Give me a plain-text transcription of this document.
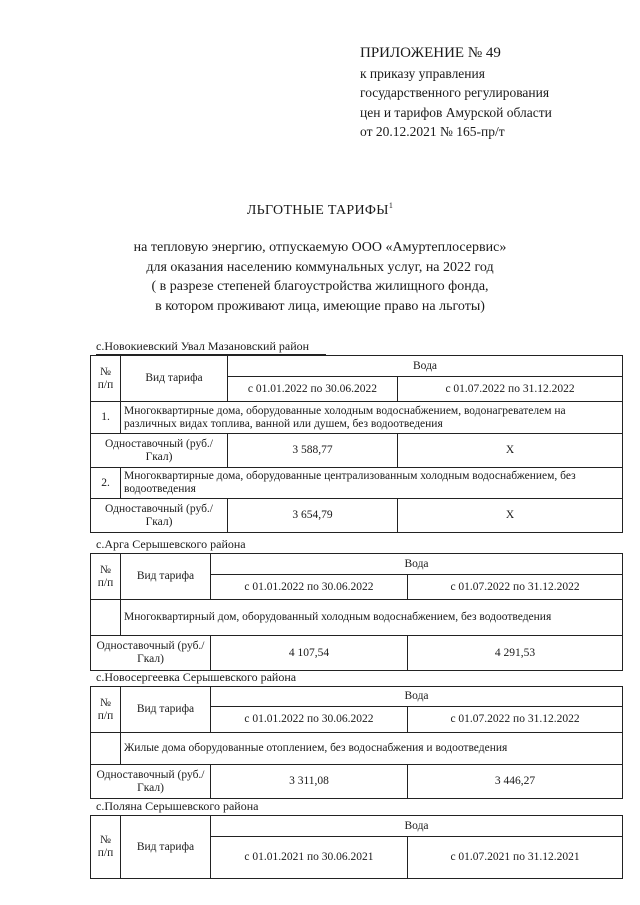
ПРИЛОЖЕНИЕ № 49
к приказу управления
государственного регулирования
цен и тарифов Амурской области
от 20.12.2021 № 165-пр/т
ЛЬГОТНЫЕ ТАРИФЫ$^1$
на тепловую энергию, отпускаемую ООО «Амуртеплосервис»
для оказания населению коммунальных услуг, на 2022 год
( в разрезе степеней благоустройства жилищного фонда,
в котором проживают лица, имеющие право на льготы)
с.Новокиевский Увал Мазановский район
№ п/п	Вид тарифа	Вода	
		с 01.01.2022 по 30.06.2022	с 01.07.2022 по 31.12.2022
1.	Многоквартирные дома, оборудованные холодным водоснабжением, водонагревателем на различных видах топлива, ванной или душем, без водоотведения		
Одноставочный (руб./Гкал)		3 588,77	Х
2.	Многоквартирные дома, оборудованные централизованным холодным водоснабжением, без водоотведения		
Одноставочный (руб./Гкал)		3 654,79	Х
с.Арга Серышевского района
№ п/п	Вид тарифа	Вода	
		с 01.01.2022 по 30.06.2022	с 01.07.2022 по 31.12.2022
	Многоквартирный дом, оборудованный холодным водоснабжением, без водоотведения		
Одноставочный (руб./Гкал)		4 107,54	4 291,53
с.Новосергеевка Серышевского района
№ п/п	Вид тарифа	Вода	
		с 01.01.2022 по 30.06.2022	с 01.07.2022 по 31.12.2022
	Жилые дома оборудованные отоплением, без водоснабжения и водоотведения		
Одноставочный (руб./Гкал)		3 311,08	3 446,27
с.Поляна Серышевского района
№ п/п	Вид тарифа	Вода	
		с 01.01.2021 по 30.06.2021	с 01.07.2021 по 31.12.2021
